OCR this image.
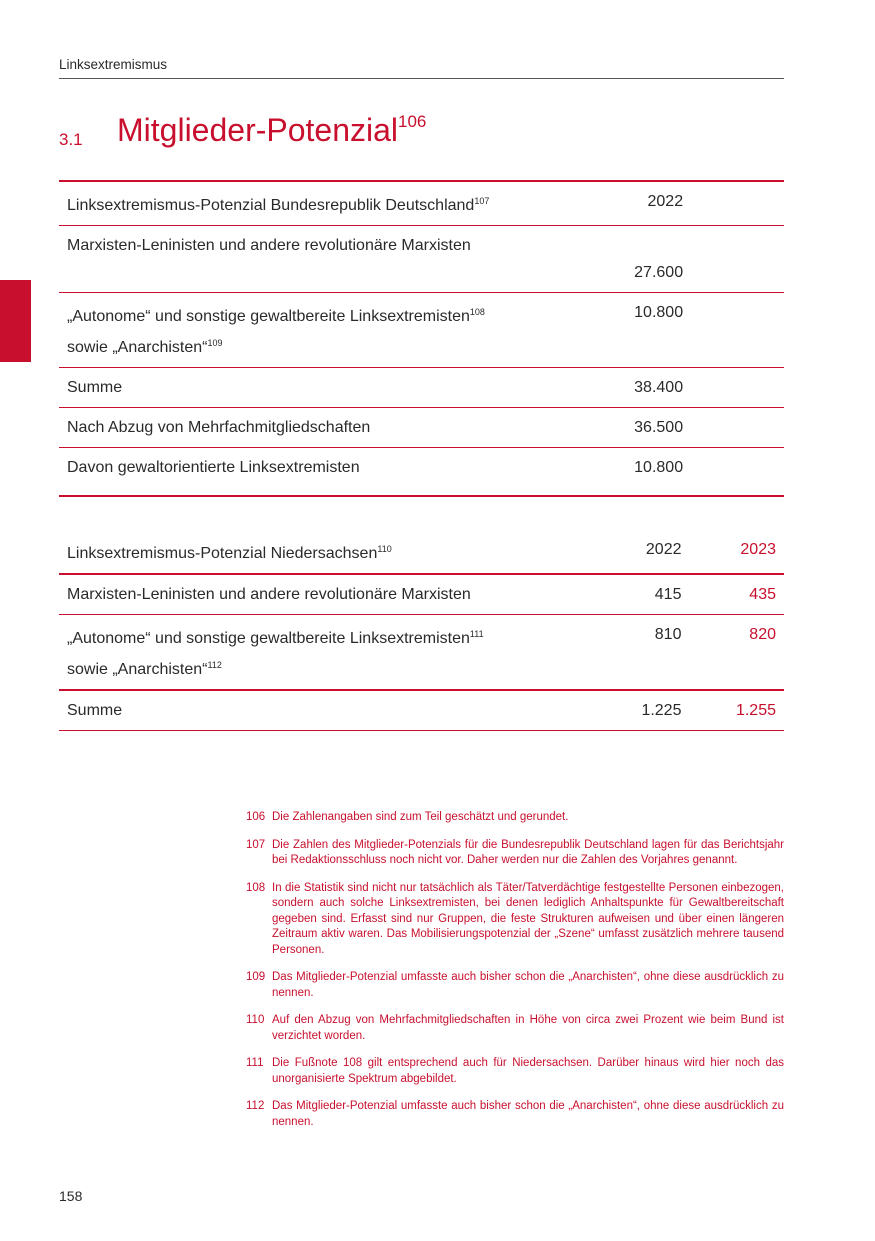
Linksextremismus
3.1 Mitglieder-Potenzial$^{106}$
Linksextremismus-Potenzial Bundesrepublik Deutschland$^{107}$	2022	
Marxisten-Leninisten und andere revolutionäre Marxisten	27.600	
„Autonome“ und sonstige gewaltbereite Linksextremisten$^{108}$
sowie „Anarchisten“$^{109}$	10.800	
Summe	38.400	
Nach Abzug von Mehrfachmitgliedschaften	36.500	
Davon gewaltorientierte Linksextremisten	10.800	
Linksextremismus-Potenzial Niedersachsen$^{110}$	2022	2023
Marxisten-Leninisten und andere revolutionäre Marxisten	415	435
„Autonome“ und sonstige gewaltbereite Linksextremisten$^{111}$
sowie „Anarchisten“$^{112}$	810	820
Summe	1.225	1.255
106 Die Zahlenangaben sind zum Teil geschätzt und gerundet.
107 Die Zahlen des Mitglieder-Potenzials für die Bundesrepublik Deutschland lagen für das Berichtsjahr bei Redaktionsschluss noch nicht vor. Daher werden nur die Zahlen des Vorjahres genannt.
108 In die Statistik sind nicht nur tatsächlich als Täter/Tatverdächtige festgestellte Personen einbezogen, sondern auch solche Linksextremisten, bei denen lediglich Anhaltspunkte für Gewaltbereitschaft gegeben sind. Erfasst sind nur Gruppen, die feste Strukturen aufweisen und über einen längeren Zeitraum aktiv waren. Das Mobilisierungspotenzial der „Szene“ umfasst zusätzlich mehrere tausend Personen.
109 Das Mitglieder-Potenzial umfasste auch bisher schon die „Anarchisten“, ohne diese ausdrücklich zu nennen.
110 Auf den Abzug von Mehrfachmitgliedschaften in Höhe von circa zwei Prozent wie beim Bund ist verzichtet worden.
111 Die Fußnote 108 gilt entsprechend auch für Niedersachsen. Darüber hinaus wird hier noch das unorganisierte Spektrum abgebildet.
112 Das Mitglieder-Potenzial umfasste auch bisher schon die „Anarchisten“, ohne diese ausdrücklich zu nennen.
158
